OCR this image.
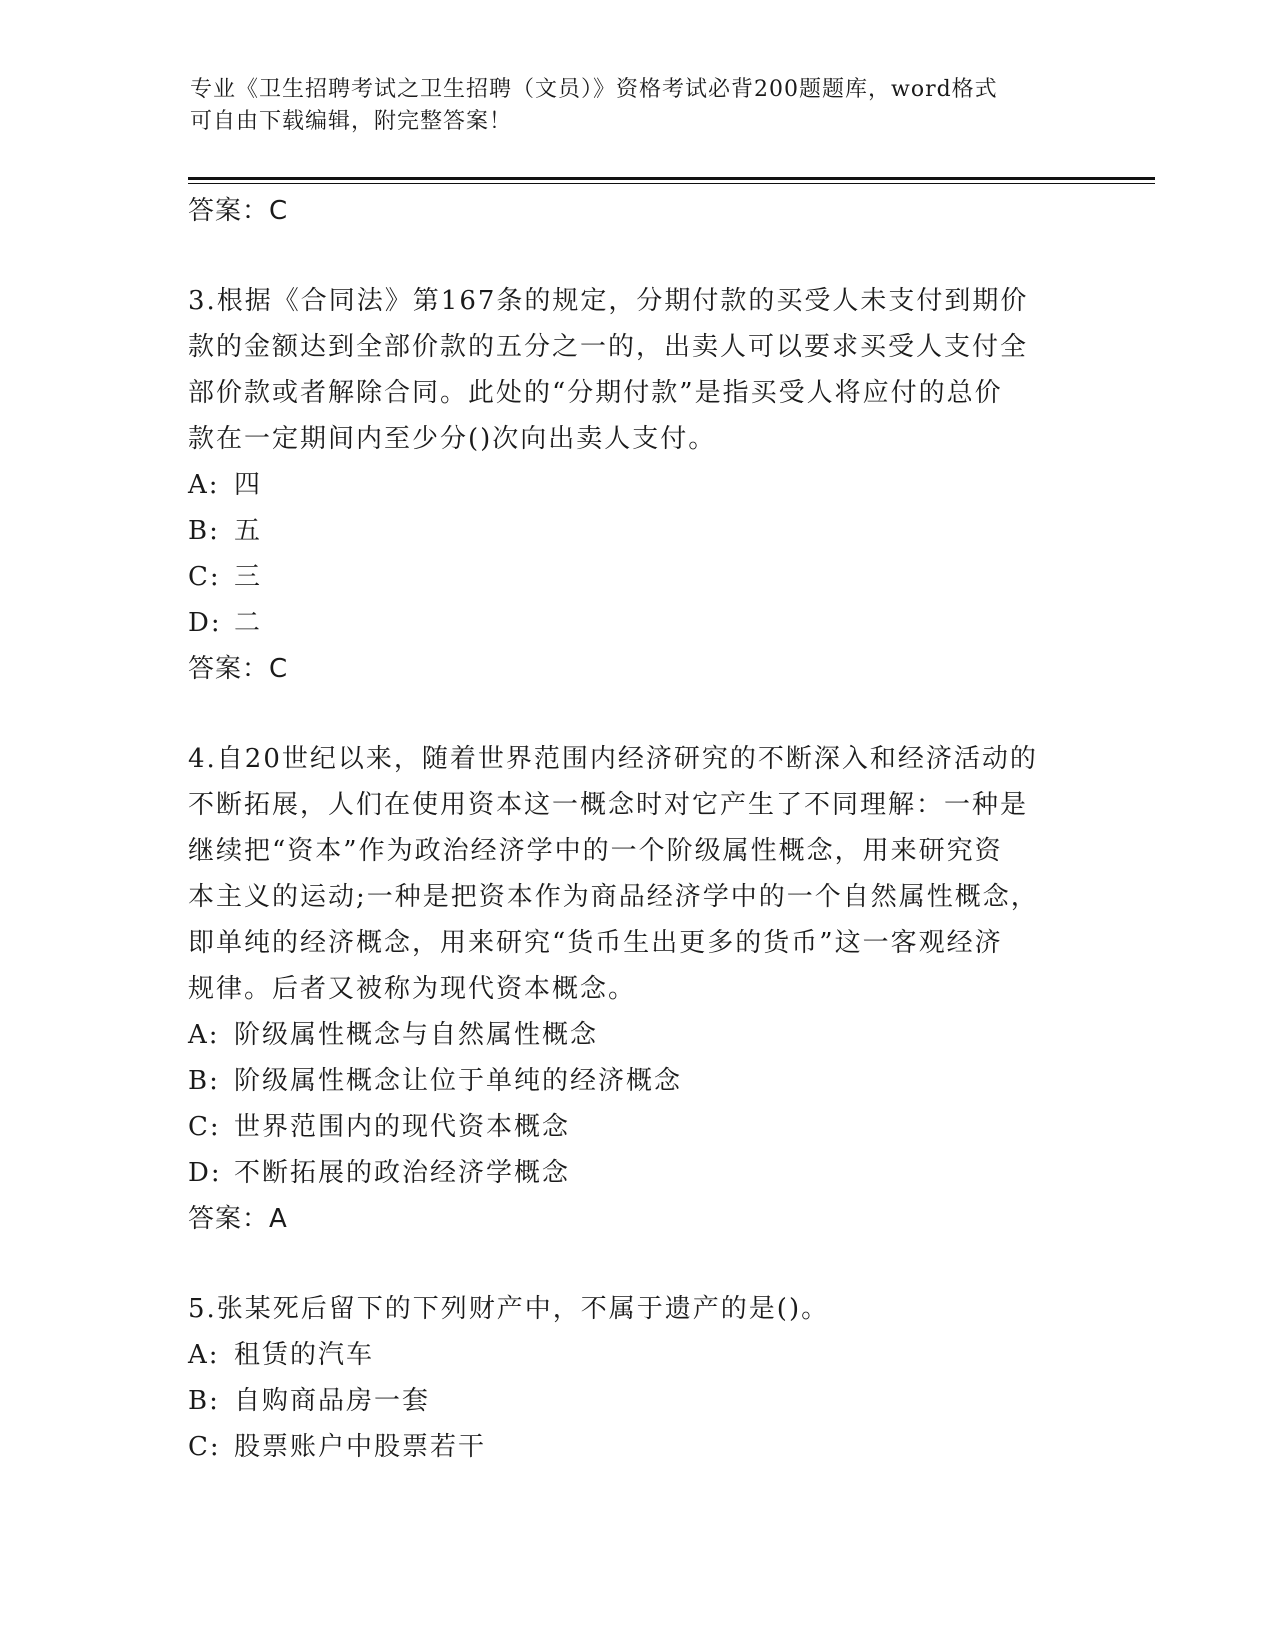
专业《卫生招聘考试之卫生招聘（文员）》资格考试必背200题题库，word格式
可自由下载编辑，附完整答案！
答案：C
3.根据《合同法》第167条的规定，分期付款的买受人未支付到期价
款的金额达到全部价款的五分之一的，出卖人可以要求买受人支付全
部价款或者解除合同。此处的“分期付款”是指买受人将应付的总价
款在一定期间内至少分()次向出卖人支付。
A: 四
B: 五
C: 三
D: 二
答案：C
4.自20世纪以来，随着世界范围内经济研究的不断深入和经济活动的
不断拓展，人们在使用资本这一概念时对它产生了不同理解：一种是
继续把“资本”作为政治经济学中的一个阶级属性概念，用来研究资
本主义的运动;一种是把资本作为商品经济学中的一个自然属性概念，
即单纯的经济概念，用来研究“货币生出更多的货币”这一客观经济
规律。后者又被称为现代资本概念。
A: 阶级属性概念与自然属性概念
B: 阶级属性概念让位于单纯的经济概念
C: 世界范围内的现代资本概念
D: 不断拓展的政治经济学概念
答案：A
5.张某死后留下的下列财产中，不属于遗产的是()。
A: 租赁的汽车
B: 自购商品房一套
C: 股票账户中股票若干
